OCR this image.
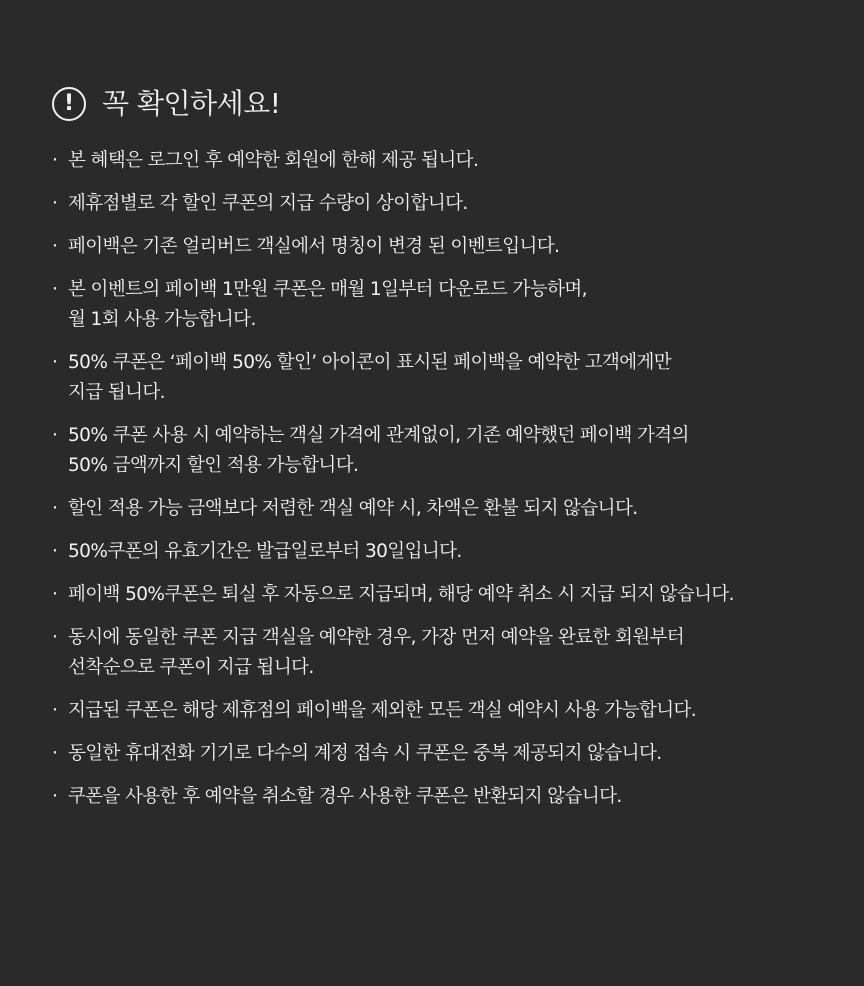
! 꼭 확인하세요!
· 본 혜택은 로그인 후 예약한 회원에 한해 제공 됩니다.
· 제휴점별로 각 할인 쿠폰의 지급 수량이 상이합니다.
· 페이백은 기존 얼리버드 객실에서 명칭이 변경 된 이벤트입니다.
· 본 이벤트의 페이백 1만원 쿠폰은 매월 1일부터 다운로드 가능하며,
월 1회 사용 가능합니다.
· 50% 쿠폰은 ‘페이백 50% 할인’ 아이콘이 표시된 페이백을 예약한 고객에게만
지급 됩니다.
· 50% 쿠폰 사용 시 예약하는 객실 가격에 관계없이, 기존 예약했던 페이백 가격의
50% 금액까지 할인 적용 가능합니다.
· 할인 적용 가능 금액보다 저렴한 객실 예약 시, 차액은 환불 되지 않습니다.
· 50%쿠폰의 유효기간은 발급일로부터 30일입니다.
· 페이백 50%쿠폰은 퇴실 후 자동으로 지급되며, 해당 예약 취소 시 지급 되지 않습니다.
· 동시에 동일한 쿠폰 지급 객실을 예약한 경우, 가장 먼저 예약을 완료한 회원부터
선착순으로 쿠폰이 지급 됩니다.
· 지급된 쿠폰은 해당 제휴점의 페이백을 제외한 모든 객실 예약시 사용 가능합니다.
· 동일한 휴대전화 기기로 다수의 계정 접속 시 쿠폰은 중복 제공되지 않습니다.
· 쿠폰을 사용한 후 예약을 취소할 경우 사용한 쿠폰은 반환되지 않습니다.
